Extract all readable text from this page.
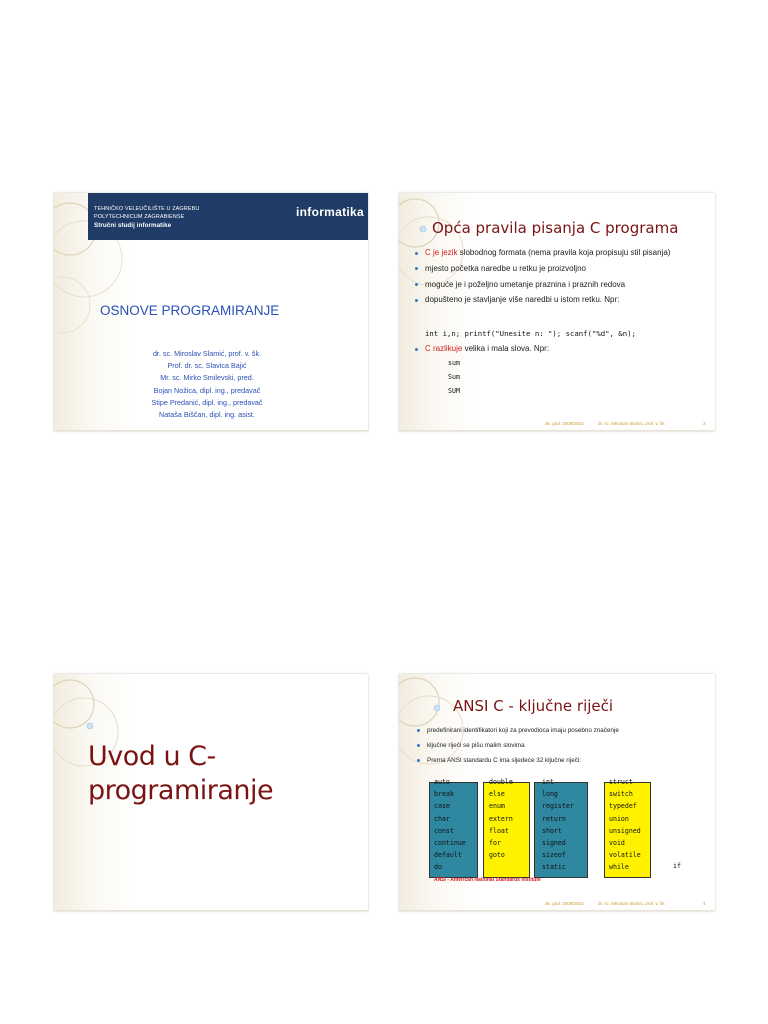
TEHNIČKO VELEUČILIŠTE U ZAGREBU
POLYTECHNICUM ZAGRABIENSE
Stručni studij informatike
informatika
OSNOVE PROGRAMIRANJE
dr. sc. Miroslav Slamić, prof. v. šk.
Prof. dr. sc. Slavica Bajić
Mr. sc. Mirko Smilevski, pred.
Bojan Nožica, dipl. ing., predavač
Stipe Predanić, dipl. ing., predavač
Nataša Biščan, dipl. ing. asist.
Opća pravila pisanja C programa
C je jezik slobodnog formata (nema pravila koja propisuju stil pisanja)
mjesto početka naredbe u retku je proizvoljno
moguće je i poželjno umetanje praznina i praznih redova
dopušteno je stavljanje više naredbi u istom retku. Npr:
int i,n; printf("Unesite n: "); scanf("%d", &n);
C razlikuje velika i mala slova. Npr:
sum
Sum
SUM
ak. god. 2009/2010	dr. sc. Miroslav Slamić, prof. v. šk.	3
Uvod u C-
programiranje
ANSI C - ključne riječi
predefinirani identifikatori koji za prevodioca imaju posebno značenje
ključne riječi se pišu malim slovima
Prema ANSI standardu C ima sljedeće 32 ključne riječi:
auto
break
case
char
const
continue
default
do
double
else
enum
extern
float
for
goto
int
long
register
return
short
signed
sizeof
static
struct
switch
typedef
union
unsigned
void
volatile
while	if
ANSI - American National Standards Institute
ak. god. 2009/2010	dr. sc. Miroslav Slamić, prof. v. šk.	4
